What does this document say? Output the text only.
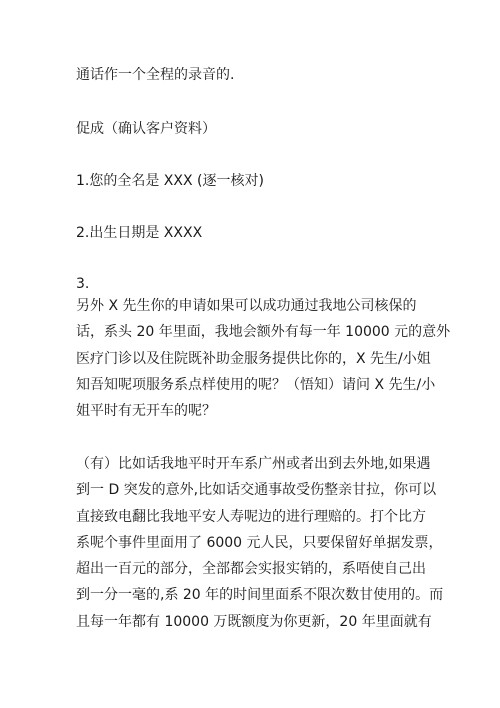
通话作一个全程的录音的.
促成（确认客户资料）
1.您的全名是 XXX (逐一核对)
2.出生日期是 XXXX
3.
另外 X 先生你的申请如果可以成功通过我地公司核保的
话，系头 20 年里面，我地会额外有每一年 10000 元的意外
医疗门诊以及住院既补助金服务提供比你的，X 先生/小姐
知吾知呢项服务系点样使用的呢？（悟知）请问 X 先生/小
姐平时有无开车的呢？
（有）比如话我地平时开车系广州或者出到去外地,如果遇
到一 D 突发的意外,比如话交通事故受伤整亲甘拉，你可以
直接致电翻比我地平安人寿呢边的进行理赔的。打个比方
系呢个事件里面用了 6000 元人民，只要保留好单据发票，
超出一百元的部分，全部都会实报实销的，系唔使自己出
到一分一毫的,系 20 年的时间里面系不限次数甘使用的。而
且每一年都有 10000 万既额度为你更新，20 年里面就有
